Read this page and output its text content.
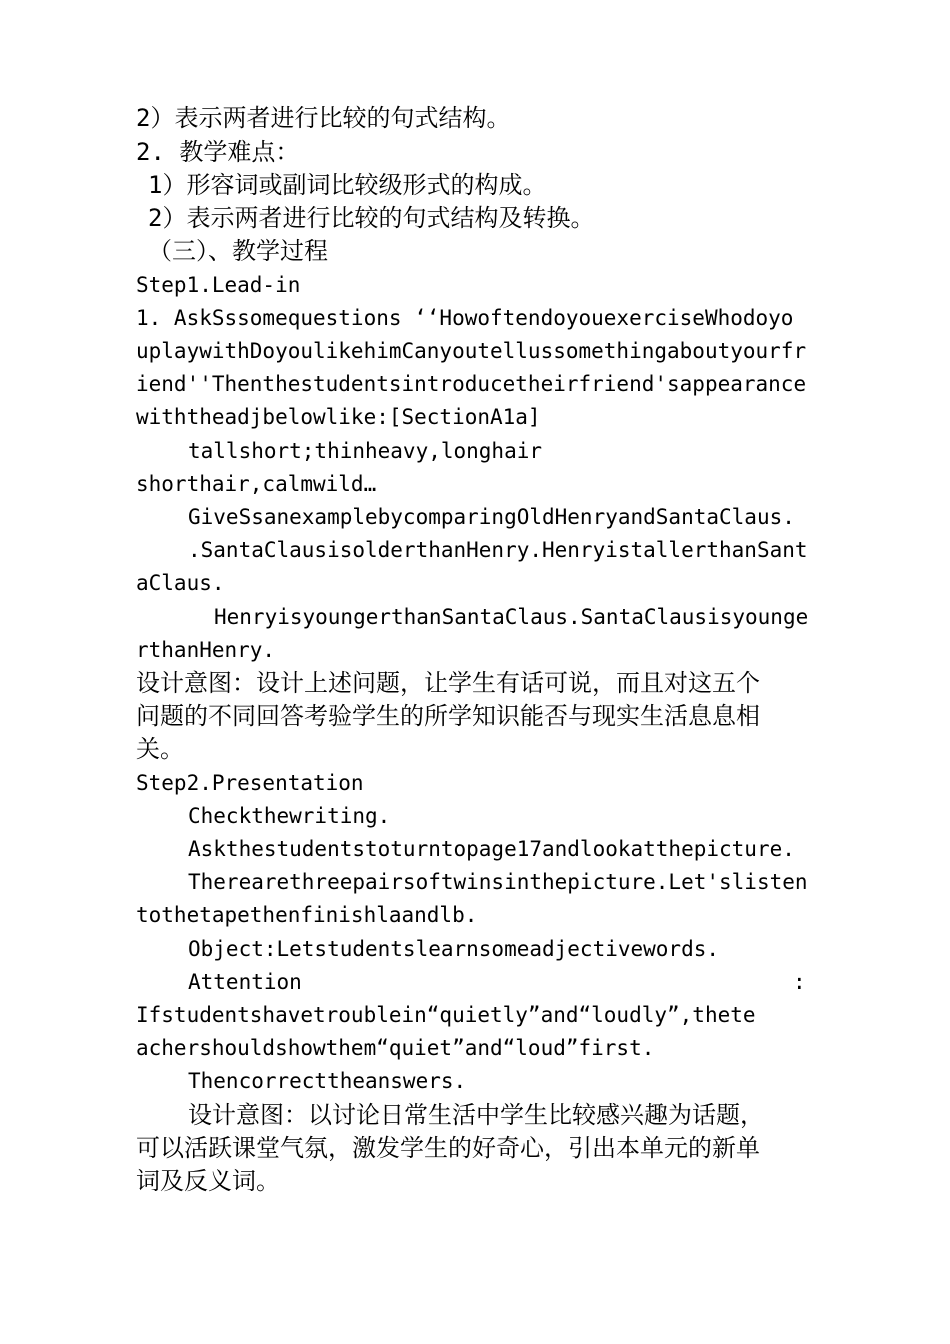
2）表示两者进行比较的句式结构。
2. 教学难点：
1）形容词或副词比较级形式的构成。
2）表示两者进行比较的句式结构及转换。
（三）、教学过程
Step1.Lead-in
1. AskSssomequestions ‘‘HowoftendoyouexerciseWhodoyo
uplaywithDoyoulikehimCanyoutellussomethingaboutyourfr
iend''Thenthestudentsintroducetheirfriend'sappearance
withtheadjbelowlike:[SectionA1a]
tallshort;thinheavy,longhair
shorthair,calmwild…
GiveSsanexamplebycomparingOldHenryandSantaClaus.
.SantaClausisolderthanHenry.HenryistallerthanSant
aClaus.
HenryisyoungerthanSantaClaus.SantaClausisyounge
rthanHenry.
设计意图：设计上述问题，让学生有话可说，而且对这五个
问题的不同回答考验学生的所学知识能否与现实生活息息相
关。
Step2.Presentation
Checkthewriting.
Askthestudentstoturntopage17andlookatthepicture.
Therearethreepairsoftwinsinthepicture.Let'slisten
tothetapethenfinishlaandlb.
Object:Letstudentslearnsomeadjectivewords.
Attention	:
Ifstudentshavetroublein“quietly”and“loudly”,thete
achershouldshowthem“quiet”and“loud”first.
Thencorrecttheanswers.
设计意图：以讨论日常生活中学生比较感兴趣为话题，
可以活跃课堂气氛，激发学生的好奇心，引出本单元的新单
词及反义词。
